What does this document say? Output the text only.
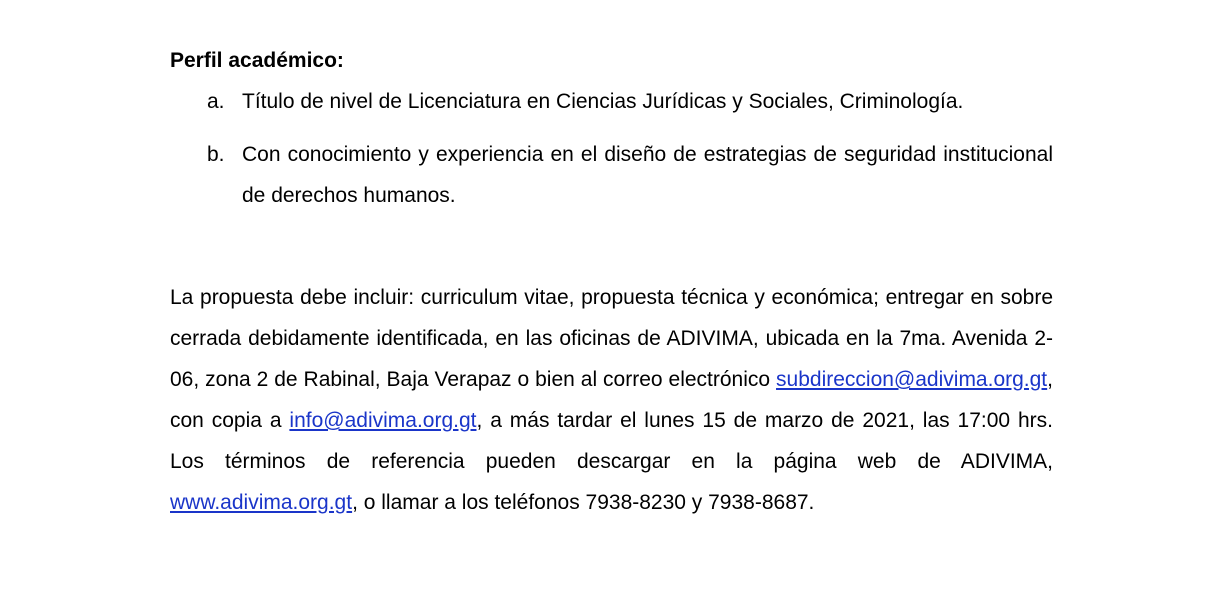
Perfil académico:

a. Título de nivel de Licenciatura en Ciencias Jurídicas y Sociales, Criminología.
b. Con conocimiento y experiencia en el diseño de estrategias de seguridad institucional de derechos humanos.

La propuesta debe incluir: curriculum vitae, propuesta técnica y económica; entregar en sobre cerrada debidamente identificada, en las oficinas de ADIVIMA, ubicada en la 7ma. Avenida 2-06, zona 2 de Rabinal, Baja Verapaz o bien al correo electrónico subdireccion@adivima.org.gt, con copia a info@adivima.org.gt, a más tardar el lunes 15 de marzo de 2021, las 17:00 hrs. Los términos de referencia pueden descargar en la página web de ADIVIMA, www.adivima.org.gt, o llamar a los teléfonos 7938-8230 y 7938-8687.
